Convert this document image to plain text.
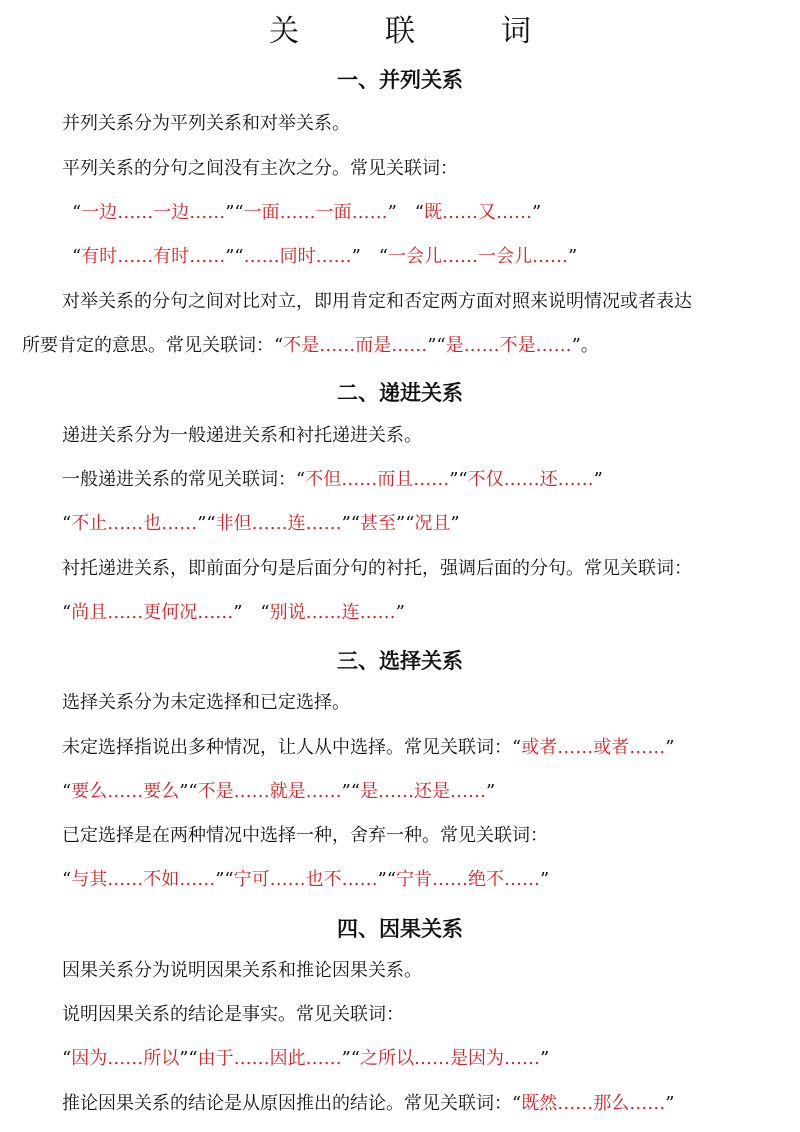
关　联　词
一、并列关系
并列关系分为平列关系和对举关系。
平列关系的分句之间没有主次之分。常见关联词：
“一边……一边……”“一面……一面……”　“既……又……”
“有时……有时……”“……同时……”　“一会儿……一会儿……”
对举关系的分句之间对比对立，即用肯定和否定两方面对照来说明情况或者表达
所要肯定的意思。常见关联词：“不是……而是……”“是……不是……”。
二、递进关系
递进关系分为一般递进关系和衬托递进关系。
一般递进关系的常见关联词：“不但……而且……”“不仅……还……”
“不止……也……”“非但……连……”“甚至”“况且”
衬托递进关系，即前面分句是后面分句的衬托，强调后面的分句。常见关联词：
“尚且……更何况……”　“别说……连……”
三、选择关系
选择关系分为未定选择和已定选择。
未定选择指说出多种情况，让人从中选择。常见关联词：“或者……或者……”
“要么……要么”“不是……就是……”“是……还是……”
已定选择是在两种情况中选择一种，舍弃一种。常见关联词：
“与其……不如……”“宁可……也不……”“宁肯……绝不……”
四、因果关系
因果关系分为说明因果关系和推论因果关系。
说明因果关系的结论是事实。常见关联词：
“因为……所以”“由于……因此……”“之所以……是因为……”
推论因果关系的结论是从原因推出的结论。常见关联词：“既然……那么……”
